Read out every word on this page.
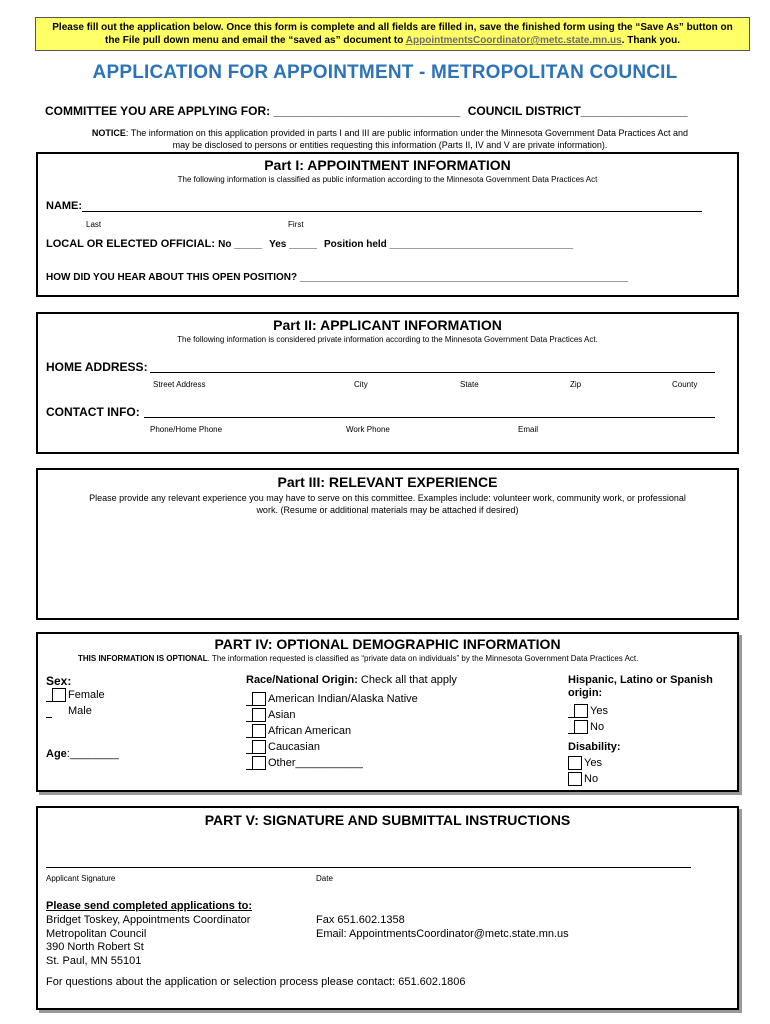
Please fill out the application below. Once this form is complete and all fields are filled in, save the finished form using the “Save As” button on
the File pull down menu and email the “saved as” document to AppointmentsCoordinator@metc.state.mn.us. Thank you.
APPLICATION FOR APPOINTMENT - METROPOLITAN COUNCIL
COMMITTEE YOU ARE APPLYING FOR: ____________________________ COUNCIL DISTRICT________________
NOTICE: The information on this application provided in parts I and III are public information under the Minnesota Government Data Practices Act and
may be disclosed to persons or entities requesting this information (Parts II, IV and V are private information).
Part I: APPOINTMENT INFORMATION
The following information is classified as public information according to the Minnesota Government Data Practices Act
NAME:
Last	First
LOCAL OR ELECTED OFFICIAL: No _____ Yes _____ Position held _________________________________
HOW DID YOU HEAR ABOUT THIS OPEN POSITION? ___________________________________________________________
Part II: APPLICANT INFORMATION
The following information is considered private information according to the Minnesota Government Data Practices Act.
HOME ADDRESS:
Street Address	City	State	Zip	County
CONTACT INFO:
Phone/Home Phone	Work Phone	Email
Part III: RELEVANT EXPERIENCE
Please provide any relevant experience you may have to serve on this committee. Examples include: volunteer work, community work, or professional
work. (Resume or additional materials may be attached if desired)
PART IV: OPTIONAL DEMOGRAPHIC INFORMATION
THIS INFORMATION IS OPTIONAL. The information requested is classified as “private data on individuals” by the Minnesota Government Data Practices Act.
Sex:
Female
Male
Age:________
Race/National Origin: Check all that apply
American Indian/Alaska Native
Asian
African American
Caucasian
Other___________
Hispanic, Latino or Spanish
origin:
Yes
No
Disability:
Yes
No
PART V: SIGNATURE AND SUBMITTAL INSTRUCTIONS
Applicant Signature	Date
Please send completed applications to:
Bridget Toskey, Appointments Coordinator
Metropolitan Council
390 North Robert St
St. Paul, MN 55101
Fax 651.602.1358
Email: AppointmentsCoordinator@metc.state.mn.us
For questions about the application or selection process please contact: 651.602.1806
